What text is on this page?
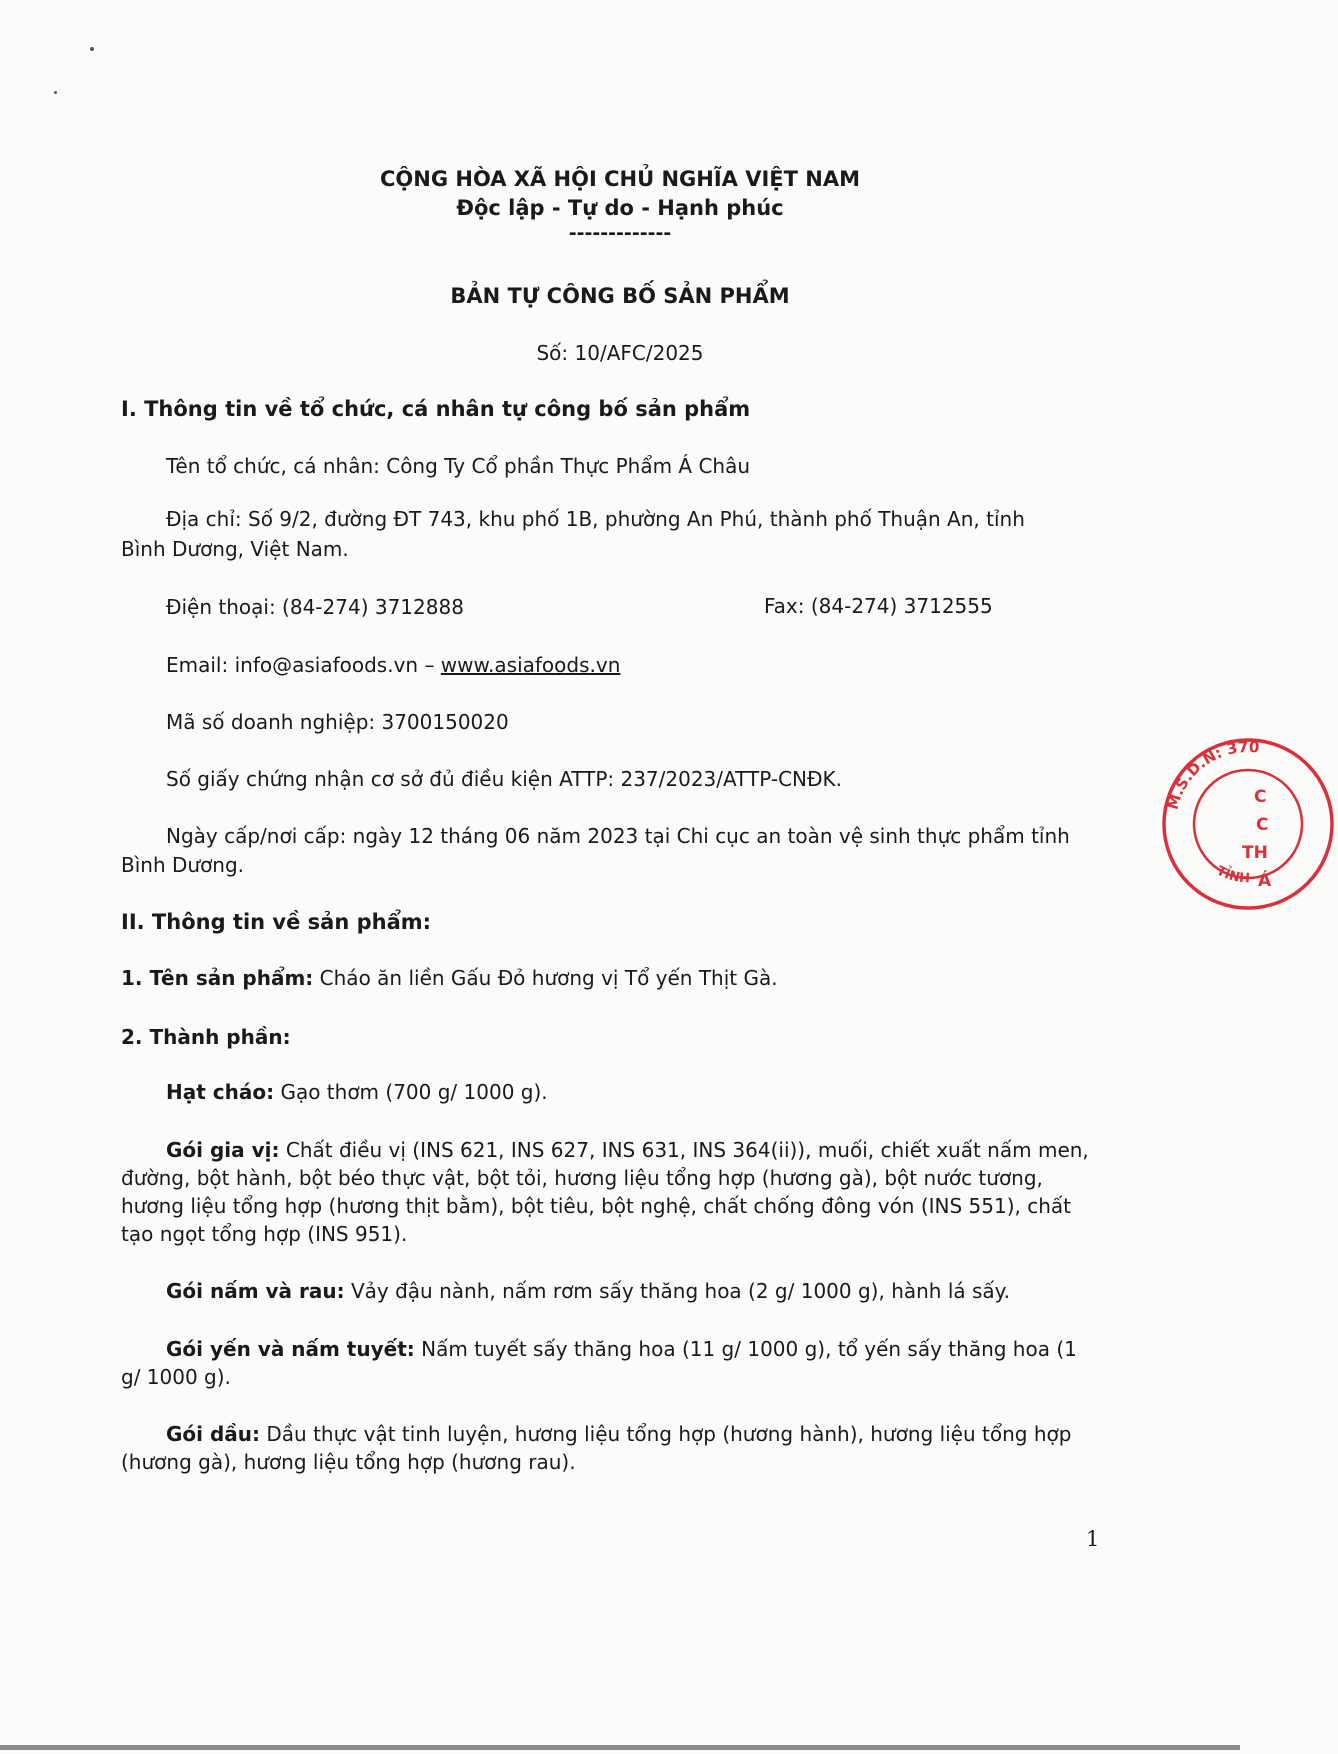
CỘNG HÒA XÃ HỘI CHỦ NGHĨA VIỆT NAM
Độc lập - Tự do - Hạnh phúc
-------------
BẢN TỰ CÔNG BỐ SẢN PHẨM
Số: 10/AFC/2025
I. Thông tin về tổ chức, cá nhân tự công bố sản phẩm
Tên tổ chức, cá nhân: Công Ty Cổ phần Thực Phẩm Á Châu
Địa chỉ: Số 9/2, đường ĐT 743, khu phố 1B, phường An Phú, thành phố Thuận An, tỉnh
Bình Dương, Việt Nam.
Điện thoại: (84-274) 3712888	Fax: (84-274) 3712555
Email: info@asiafoods.vn – www.asiafoods.vn
Mã số doanh nghiệp: 3700150020
Số giấy chứng nhận cơ sở đủ điều kiện ATTP: 237/2023/ATTP-CNĐK.
Ngày cấp/nơi cấp: ngày 12 tháng 06 năm 2023 tại Chi cục an toàn vệ sinh thực phẩm tỉnh
Bình Dương.
II. Thông tin về sản phẩm:
1. Tên sản phẩm: Cháo ăn liền Gấu Đỏ hương vị Tổ yến Thịt Gà.
2. Thành phần:
Hạt cháo: Gạo thơm (700 g/ 1000 g).
Gói gia vị: Chất điều vị (INS 621, INS 627, INS 631, INS 364(ii)), muối, chiết xuất nấm men, đường, bột hành, bột béo thực vật, bột tỏi, hương liệu tổng hợp (hương gà), bột nước tương, hương liệu tổng hợp (hương thịt bằm), bột tiêu, bột nghệ, chất chống đông vón (INS 551), chất tạo ngọt tổng hợp (INS 951).
Gói nấm và rau: Vảy đậu nành, nấm rơm sấy thăng hoa (2 g/ 1000 g), hành lá sấy.
Gói yến và nấm tuyết: Nấm tuyết sấy thăng hoa (11 g/ 1000 g), tổ yến sấy thăng hoa (1 g/ 1000 g).
Gói dầu: Dầu thực vật tinh luyện, hương liệu tổng hợp (hương hành), hương liệu tổng hợp (hương gà), hương liệu tổng hợp (hương rau).
1
M.S.D.N: 370
TỈNH
C
C
TH
Á
